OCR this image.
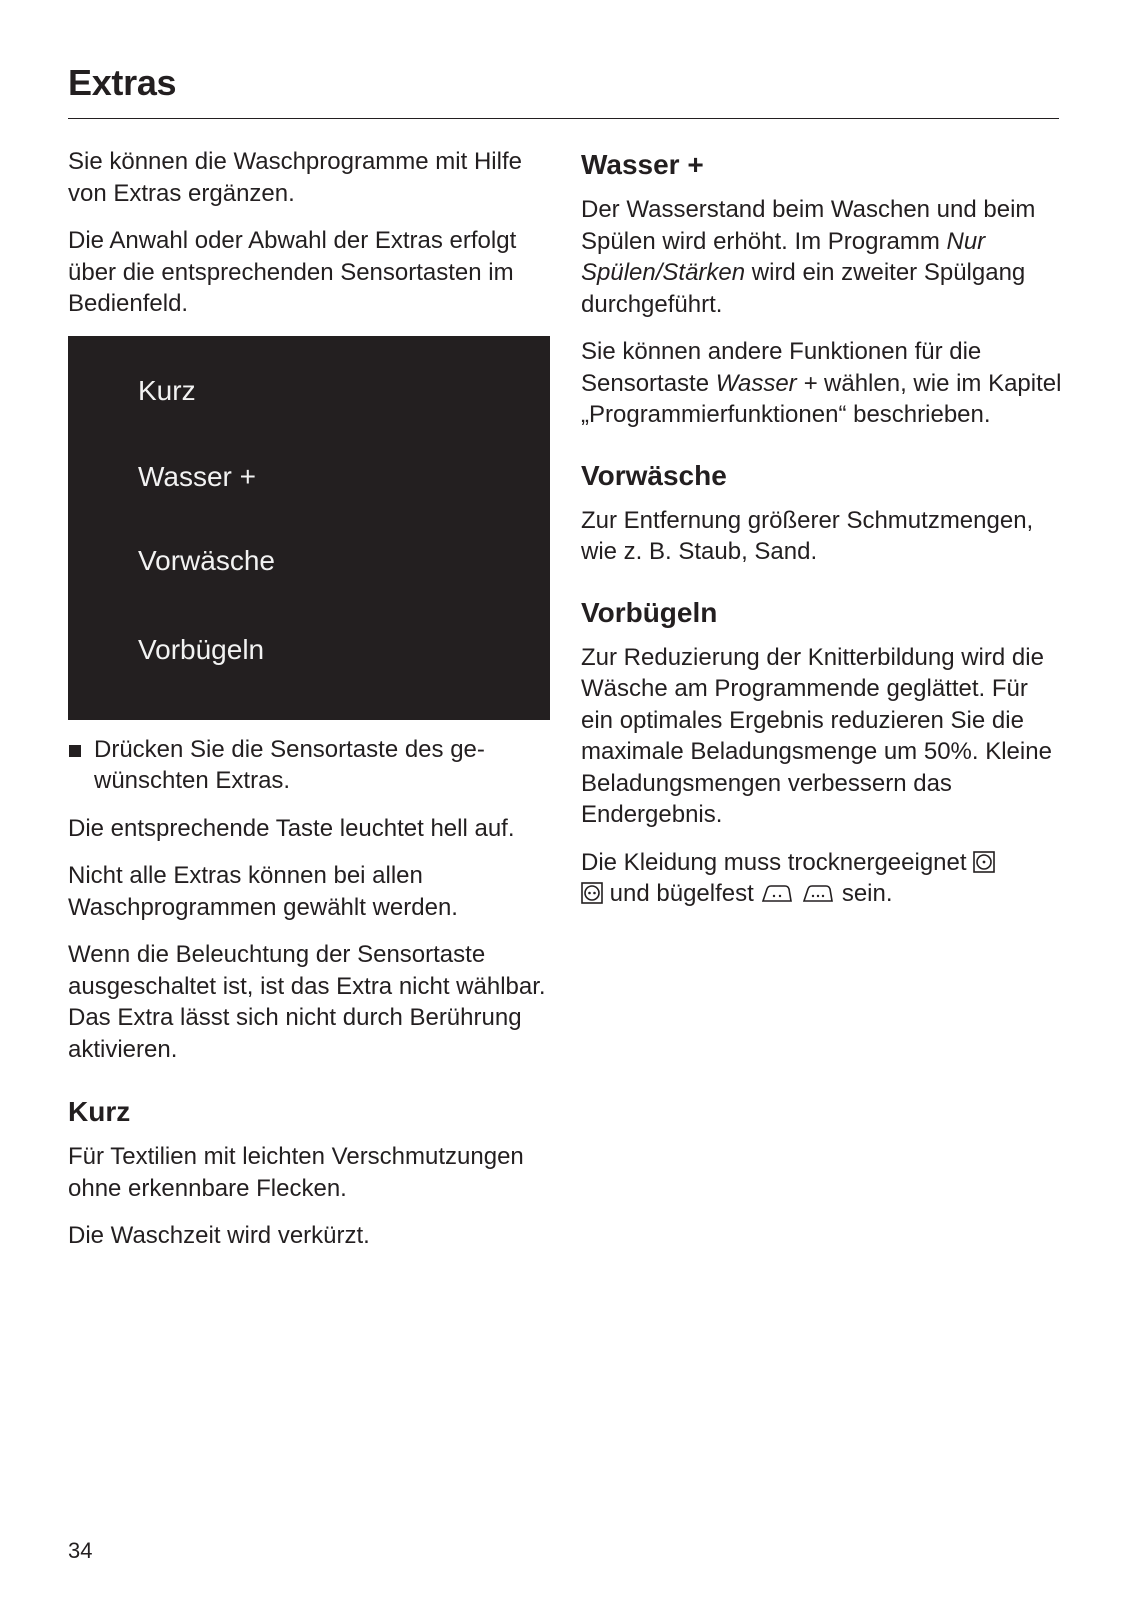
Extras

Sie können die Waschprogramme mit Hilfe von Extras ergänzen.

Die Anwahl oder Abwahl der Extras erfolgt über die entsprechenden Sensortasten im Bedienfeld.

Kurz
Wasser +
Vorwäsche
Vorbügeln
Drücken Sie die Sensortaste des gewünschten Extras.

Die entsprechende Taste leuchtet hell auf.

Nicht alle Extras können bei allen Waschprogrammen gewählt werden.

Wenn die Beleuchtung der Sensortaste ausgeschaltet ist, ist das Extra nicht wählbar. Das Extra lässt sich nicht durch Berührung aktivieren.

Kurz

Für Textilien mit leichten Verschmutzungen ohne erkennbare Flecken.

Die Waschzeit wird verkürzt.

Wasser +

Der Wasserstand beim Waschen und beim Spülen wird erhöht. Im Programm Nur Spülen/Stärken wird ein zweiter Spülgang durchgeführt.

Sie können andere Funktionen für die Sensortaste Wasser + wählen, wie im Kapitel „Programmierfunktionen“ beschrieben.

Vorwäsche

Zur Entfernung größerer Schmutzmengen, wie z. B. Staub, Sand.

Vorbügeln

Zur Reduzierung der Knitterbildung wird die Wäsche am Programmende geglättet. Für ein optimales Ergebnis reduzieren Sie die maximale Beladungsmenge um 50%. Kleine Beladungsmengen verbessern das Endergebnis.

Die Kleidung muss trocknergeeignet
und bügelfest	sein.

34
